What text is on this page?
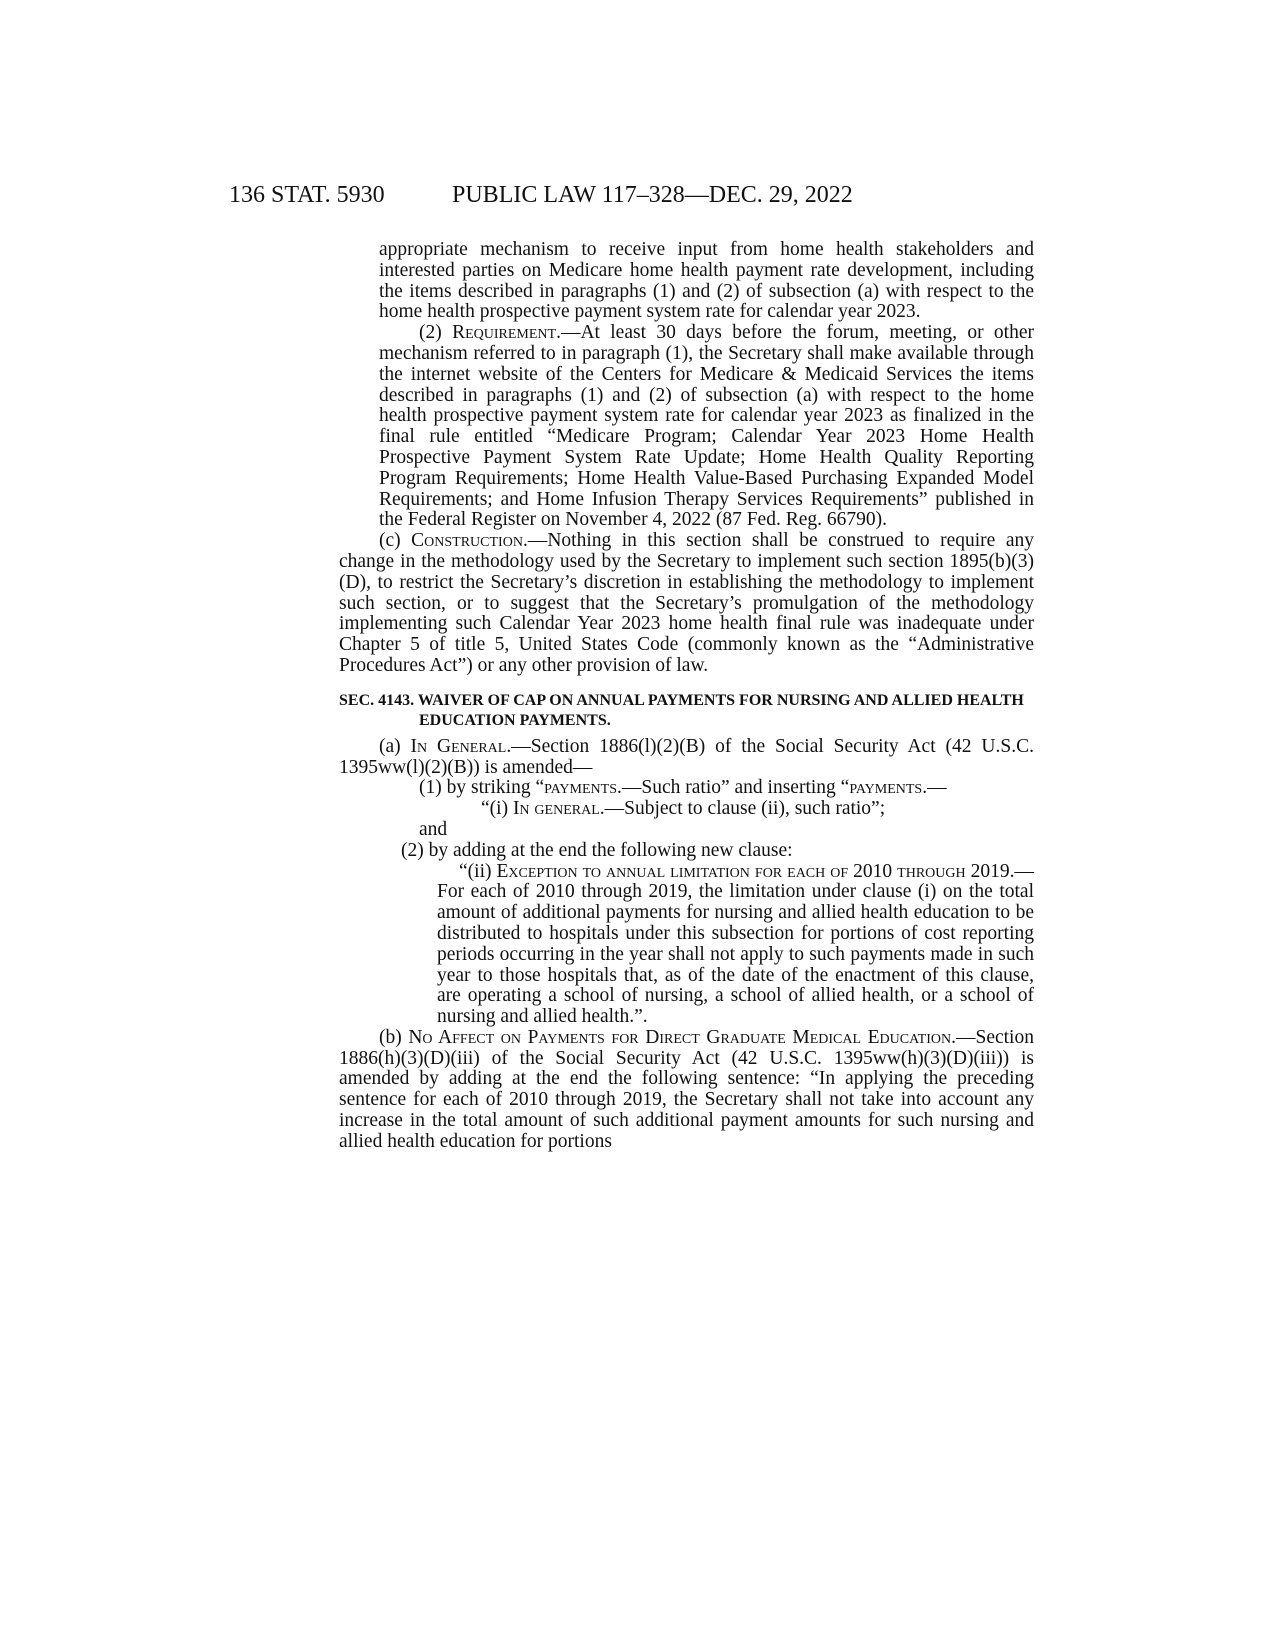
136 STAT. 5930	PUBLIC LAW 117–328—DEC. 29, 2022

appropriate mechanism to receive input from home health stakeholders and interested parties on Medicare home health payment rate development, including the items described in paragraphs (1) and (2) of subsection (a) with respect to the home health prospective payment system rate for calendar year 2023.

(2) Requirement.—At least 30 days before the forum, meeting, or other mechanism referred to in paragraph (1), the Secretary shall make available through the internet website of the Centers for Medicare & Medicaid Services the items described in paragraphs (1) and (2) of subsection (a) with respect to the home health prospective payment system rate for calendar year 2023 as finalized in the final rule entitled “Medicare Program; Calendar Year 2023 Home Health Prospective Payment System Rate Update; Home Health Quality Reporting Program Requirements; Home Health Value-Based Purchasing Expanded Model Requirements; and Home Infusion Therapy Services Requirements” published in the Federal Register on November 4, 2022 (87 Fed. Reg. 66790).

(c) Construction.—Nothing in this section shall be construed to require any change in the methodology used by the Secretary to implement such section 1895(b)(3)(D), to restrict the Secretary’s discretion in establishing the methodology to implement such section, or to suggest that the Secretary’s promulgation of the methodology implementing such Calendar Year 2023 home health final rule was inadequate under Chapter 5 of title 5, United States Code (commonly known as the “Administrative Procedures Act”) or any other provision of law.

SEC. 4143. WAIVER OF CAP ON ANNUAL PAYMENTS FOR NURSING AND ALLIED HEALTH EDUCATION PAYMENTS.

(a) In General.—Section 1886(l)(2)(B) of the Social Security Act (42 U.S.C. 1395ww(l)(2)(B)) is amended—

(1) by striking “payments.—Such ratio” and inserting “payments.—

“(i) In general.—Subject to clause (ii), such ratio”;

and

(2) by adding at the end the following new clause:

“(ii) Exception to annual limitation for each of 2010 through 2019.—For each of 2010 through 2019, the limitation under clause (i) on the total amount of additional payments for nursing and allied health education to be distributed to hospitals under this subsection for portions of cost reporting periods occurring in the year shall not apply to such payments made in such year to those hospitals that, as of the date of the enactment of this clause, are operating a school of nursing, a school of allied health, or a school of nursing and allied health.”.

(b) No Affect on Payments for Direct Graduate Medical Education.—Section 1886(h)(3)(D)(iii) of the Social Security Act (42 U.S.C. 1395ww(h)(3)(D)(iii)) is amended by adding at the end the following sentence: “In applying the preceding sentence for each of 2010 through 2019, the Secretary shall not take into account any increase in the total amount of such additional payment amounts for such nursing and allied health education for portions
